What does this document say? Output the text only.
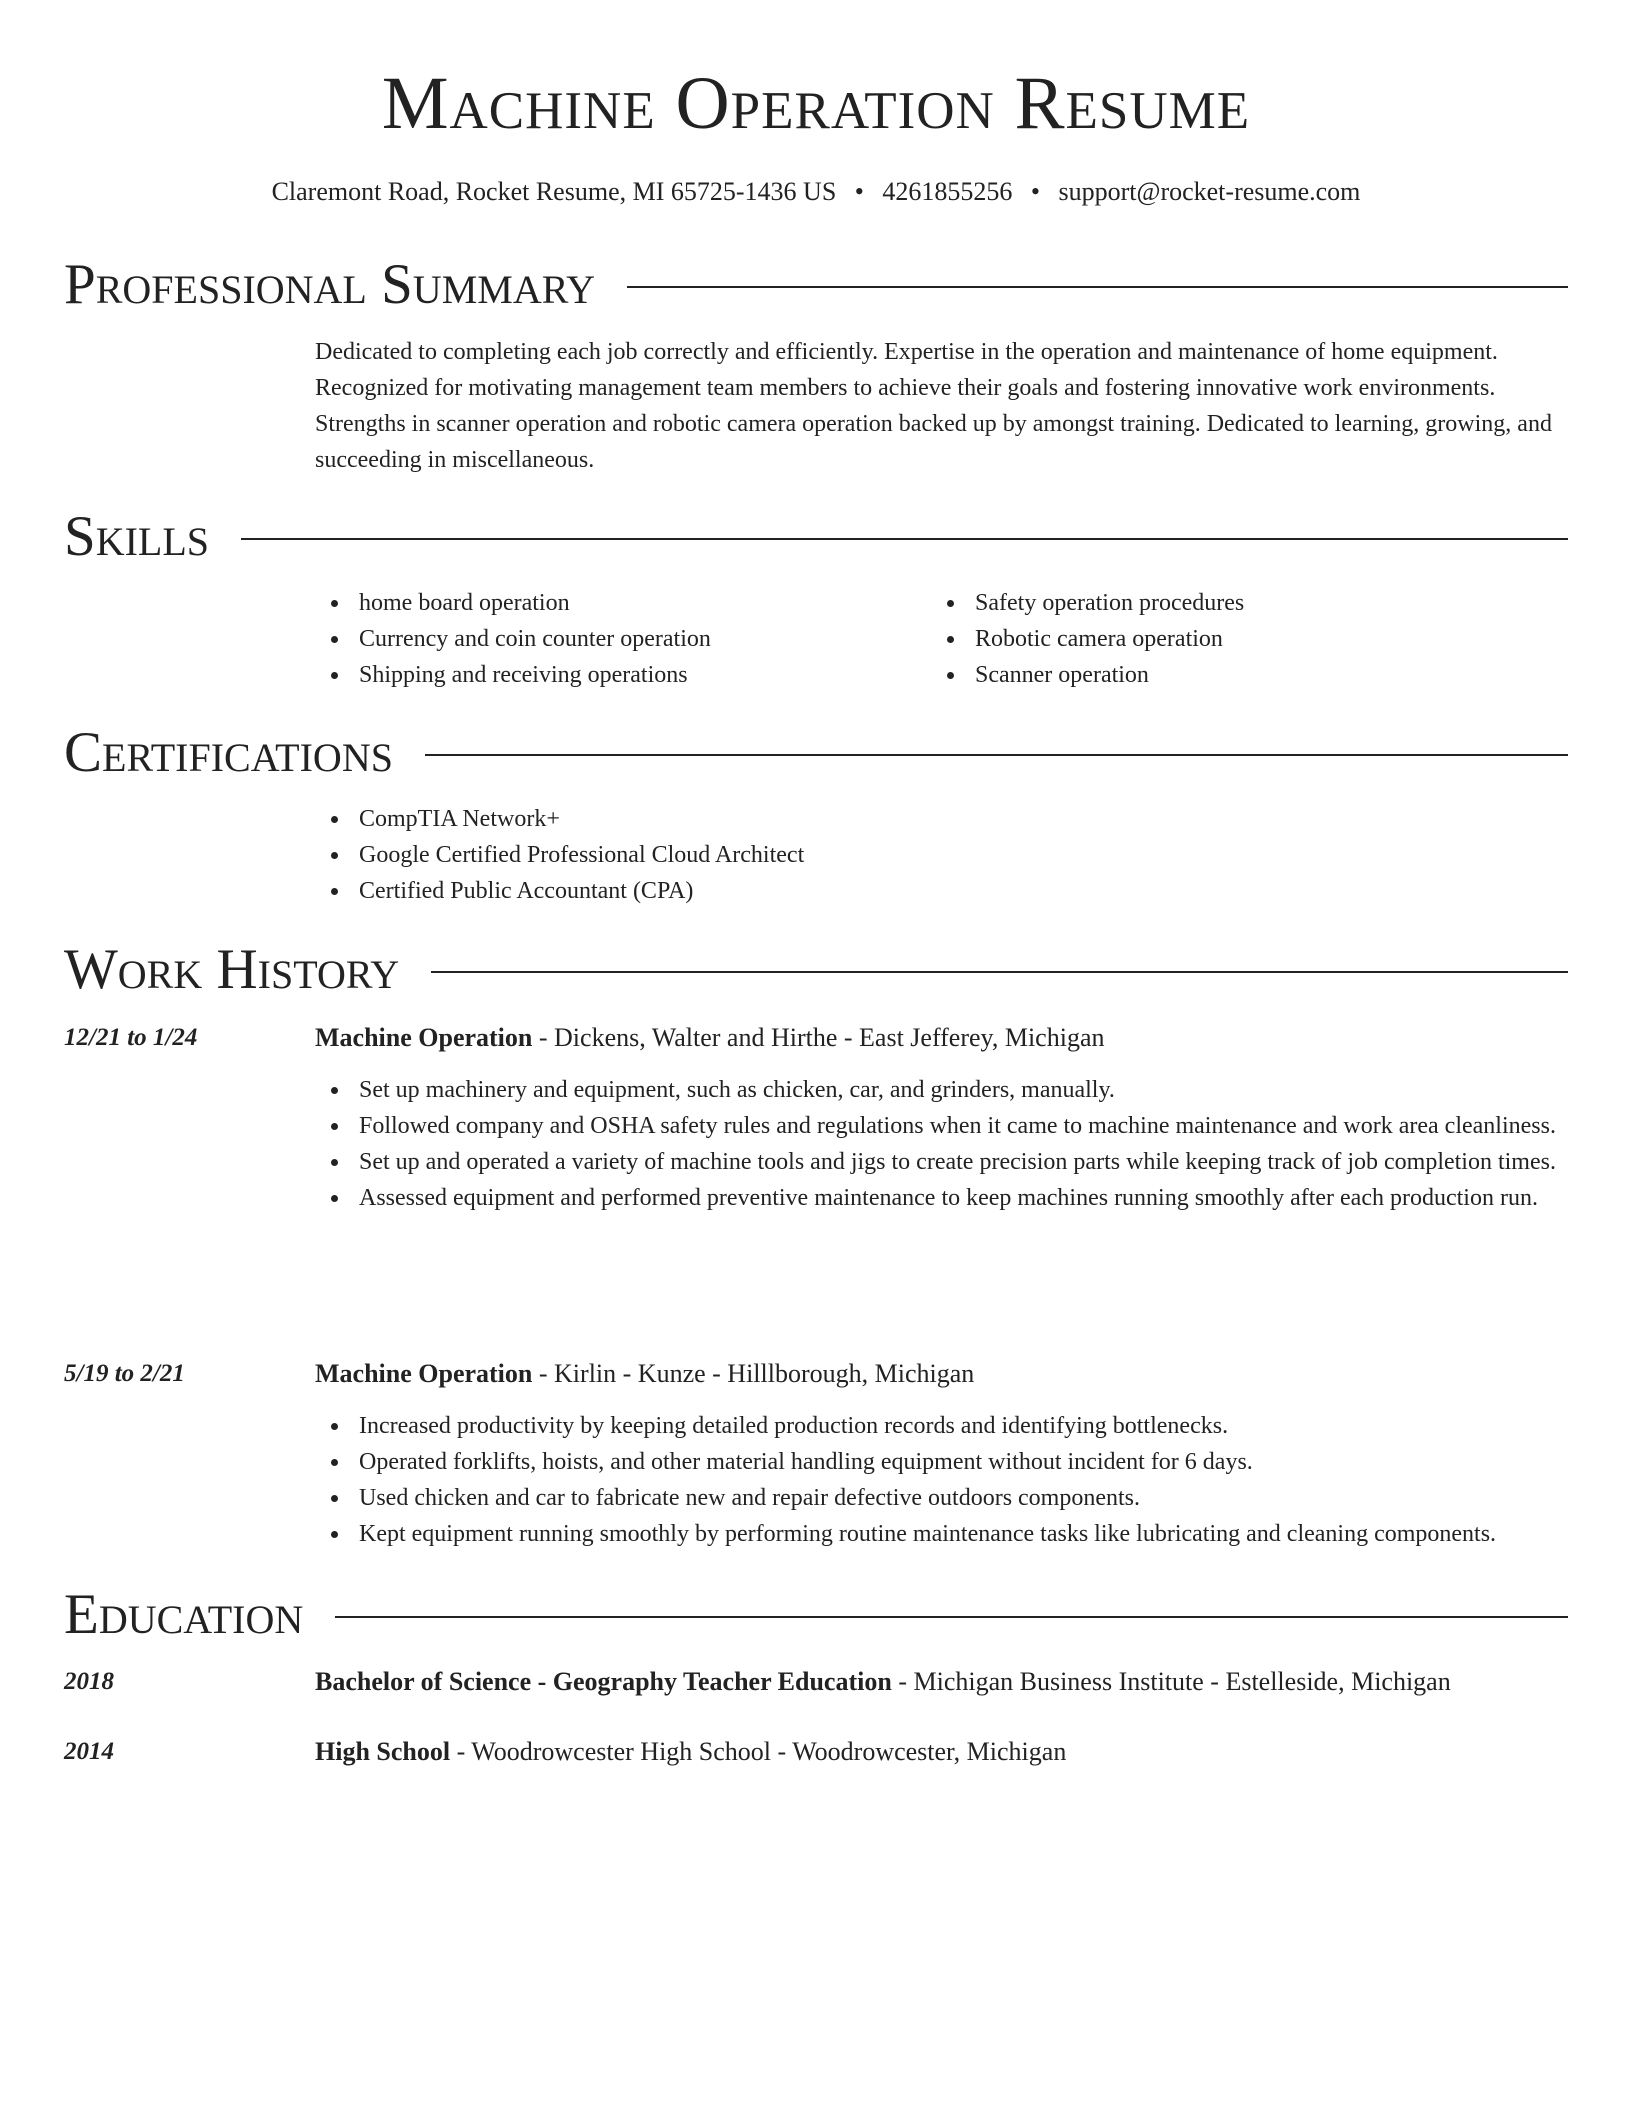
Machine Operation Resume
Claremont Road, Rocket Resume, MI 65725-1436 US • 4261855256 • support@rocket-resume.com
Professional Summary
Dedicated to completing each job correctly and efficiently. Expertise in the operation and maintenance of home equipment. Recognized for motivating management team members to achieve their goals and fostering innovative work environments. Strengths in scanner operation and robotic camera operation backed up by amongst training. Dedicated to learning, growing, and succeeding in miscellaneous.
Skills
home board operation
Currency and coin counter operation
Shipping and receiving operations
Safety operation procedures
Robotic camera operation
Scanner operation
Certifications
CompTIA Network+
Google Certified Professional Cloud Architect
Certified Public Accountant (CPA)
Work History
12/21 to 1/24	Machine Operation - Dickens, Walter and Hirthe - East Jefferey, Michigan
Set up machinery and equipment, such as chicken, car, and grinders, manually.
Followed company and OSHA safety rules and regulations when it came to machine maintenance and work area cleanliness.
Set up and operated a variety of machine tools and jigs to create precision parts while keeping track of job completion times.
Assessed equipment and performed preventive maintenance to keep machines running smoothly after each production run.
5/19 to 2/21	Machine Operation - Kirlin - Kunze - Hilllborough, Michigan
Increased productivity by keeping detailed production records and identifying bottlenecks.
Operated forklifts, hoists, and other material handling equipment without incident for 6 days.
Used chicken and car to fabricate new and repair defective outdoors components.
Kept equipment running smoothly by performing routine maintenance tasks like lubricating and cleaning components.
Education
2018	Bachelor of Science - Geography Teacher Education - Michigan Business Institute - Estelleside, Michigan
2014	High School - Woodrowcester High School - Woodrowcester, Michigan
